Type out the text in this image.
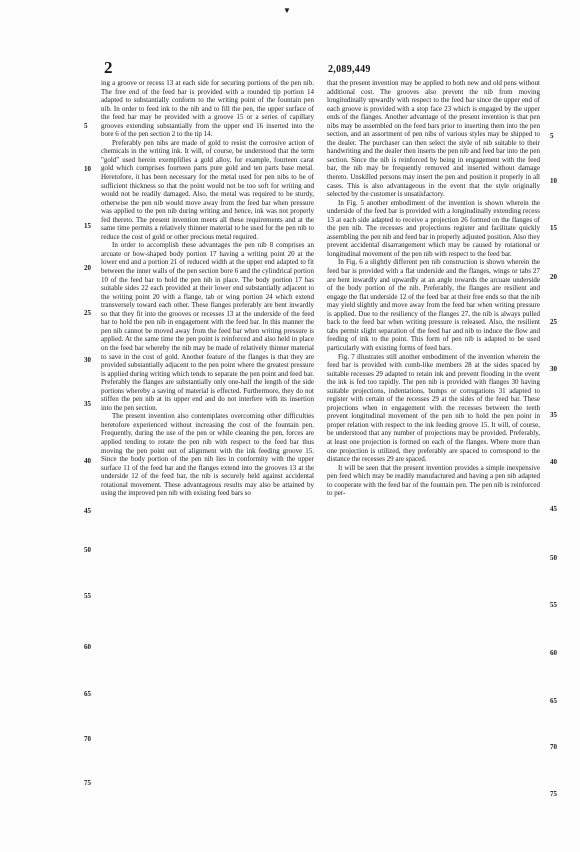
▼
2	2,089,449

ing a groove or recess 13 at each side for securing portions of the pen nib. The free end of the feed bar is provided with a rounded tip portion 14 adapted to substantially conform to the writing point of the fountain pen nib. In order to feed ink to the nib and to fill the pen, the upper surface of the feed bar may be provided with a groove 15 or a series of capillary grooves extending substantially from the upper end 16 inserted into the bore 6 of the pen section 2 to the tip 14.

Preferably pen nibs are made of gold to resist the corrosive action of chemicals in the writing ink. It will, of course, be understood that the term "gold" used herein exemplifies a gold alloy, for example, fourteen carat gold which comprises fourteen parts pure gold and ten parts base metal. Heretofore, it has been necessary for the metal used for pen nibs to be of sufficient thickness so that the point would not be too soft for writing and would not be readily damaged. Also, the metal was required to be sturdy, otherwise the pen nib would move away from the feed bar when pressure was applied to the pen nib during writing and hence, ink was not properly fed thereto. The present invention meets all these requirements and at the same time permits a relatively thinner material to be used for the pen nib to reduce the cost of gold or other precious metal required.

In order to accomplish these advantages the pen nib 8 comprises an arcuate or bow-shaped body portion 17 having a writing point 20 at the lower end and a portion 21 of reduced width at the upper end adapted to fit between the inner walls of the pen section bore 6 and the cylindrical portion 10 of the feed bar to hold the pen nib in place. The body portion 17 has suitable sides 22 each provided at their lower end substantially adjacent to the writing point 20 with a flange, tab or wing portion 24 which extend transversely toward each other. These flanges preferably are bent inwardly so that they fit into the grooves or recesses 13 at the underside of the feed bar to hold the pen nib in engagement with the feed bar. In this manner the pen nib cannot be moved away from the feed bar when writing pressure is applied. At the same time the pen point is reinforced and also held in place on the feed bar whereby the nib may be made of relatively thinner material to save in the cost of gold. Another feature of the flanges is that they are provided substantially adjacent to the pen point where the greatest pressure is applied during writing which tends to separate the pen point and feed bar. Preferably the flanges are substantially only one-half the length of the side portions whereby a saving of material is effected. Furthermore, they do not stiffen the pen nib at its upper end and do not interfere with its insertion into the pen section.

The present invention also contemplates overcoming other difficulties heretofore experienced without increasing the cost of the fountain pen. Frequently, during the use of the pen or while cleaning the pen, forces are applied tending to rotate the pen nib with respect to the feed bar thus moving the pen point out of alignment with the ink feeding groove 15. Since the body portion of the pen nib lies in conformity with the upper surface 11 of the feed bar and the flanges extend into the grooves 13 at the underside 12 of the feed bar, the nib is securely held against accidental rotational movement. These advantageous results may also be attained by using the improved pen nib with existing feed bars so

that the present invention may be applied to both new and old pens without additional cost. The grooves also prevent the nib from moving longitudinally upwardly with respect to the feed bar since the upper end of each groove is provided with a stop face 23 which is engaged by the upper ends of the flanges. Another advantage of the present invention is that pen nibs may be assembled on the feed bars prior to inserting them into the pen section, and an assortment of pen nibs of various styles may be shipped to the dealer. The purchaser can then select the style of nib suitable to their handwriting and the dealer then inserts the pen nib and feed bar into the pen section. Since the nib is reinforced by being in engagement with the feed bar, the nib may be frequently removed and inserted without damage thereto. Unskilled persons may insert the pen and position it properly in all cases. This is also advantageous in the event that the style originally selected by the customer is unsatisfactory.

In Fig. 5 another embodiment of the invention is shown wherein the underside of the feed bar is provided with a longitudinally extending recess 13 at each side adapted to receive a projection 26 formed on the flanges of the pen nib. The recesses and projections register and facilitate quickly assembling the pen nib and feed bar in properly adjusted position. Also they prevent accidental disarrangement which may be caused by rotational or longitudinal movement of the pen nib with respect to the feed bar.

In Fig. 6 a slightly different pen nib construction is shown wherein the feed bar is provided with a flat underside and the flanges, wings or tabs 27 are bent inwardly and upwardly at an angle towards the arcuate underside of the body portion of the nib. Preferably, the flanges are resilient and engage the flat underside 12 of the feed bar at their free ends so that the nib may yield slightly and move away from the feed bar when writing pressure is applied. Due to the resiliency of the flanges 27, the nib is always pulled back to the feed bar when writing pressure is released. Also, the resilient tabs permit slight separation of the feed bar and nib to induce the flow and feeding of ink to the point. This form of pen nib is adapted to be used particularly with existing forms of feed bars.

Fig. 7 illustrates still another embodiment of the invention wherein the feed bar is provided with comb-like members 28 at the sides spaced by suitable recesses 29 adapted to retain ink and prevent flooding in the event the ink is fed too rapidly. The pen nib is provided with flanges 30 having suitable projections, indentations, bumps or corrugations 31 adapted to register with certain of the recesses 29 at the sides of the feed bar. These projections when in engagement with the recesses between the teeth prevent longitudinal movement of the pen nib to hold the pen point in proper relation with respect to the ink feeding groove 15. It will, of course, be understood that any number of projections may be provided. Preferably, at least one projection is formed on each of the flanges. Where more than one projection is utilized, they preferably are spaced to correspond to the distance the recesses 29 are spaced.

It will be seen that the present invention provides a simple inexpensive pen feed which may be readily manufactured and having a pen nib adapted to cooperate with the feed bar of the fountain pen. The pen nib is reinforced to per-

5
10
15
20
25
30
35
40
45
50
55
60
65
70
75
5
10
15
20
25
30
35
40
45
50
55
60
65
70
75
